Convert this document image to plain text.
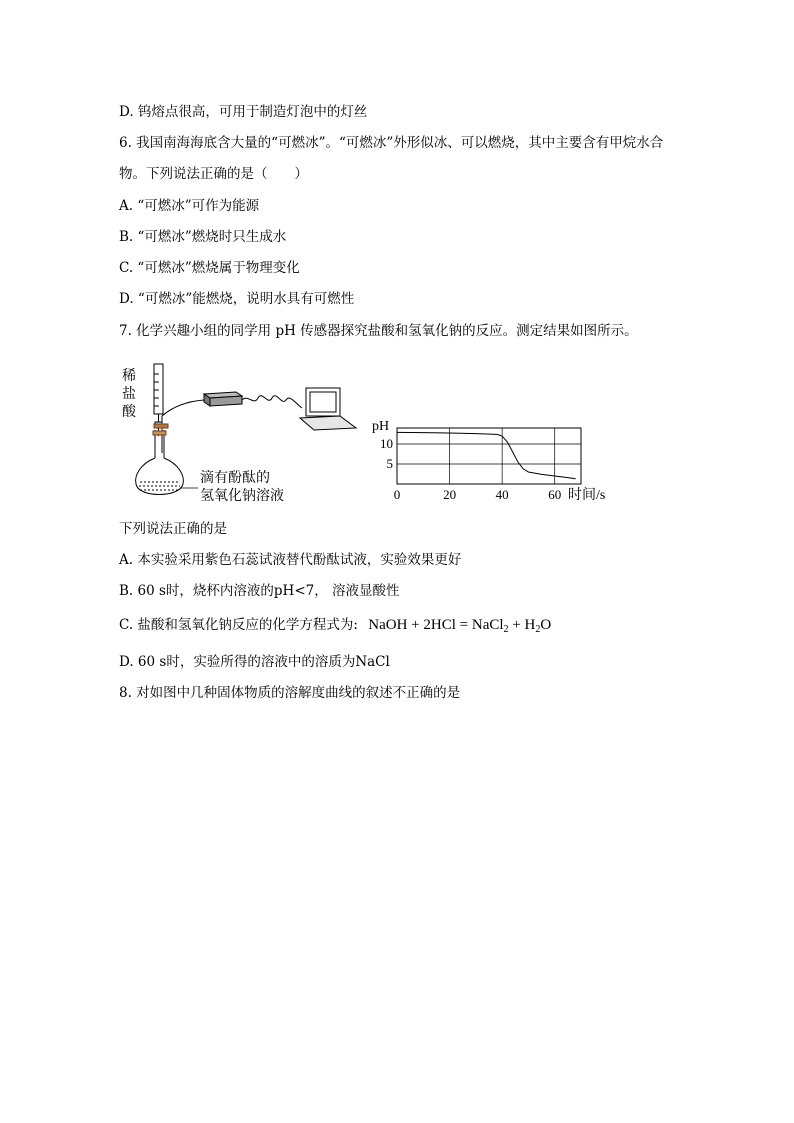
D. 钨熔点很高，可用于制造灯泡中的灯丝
6. 我国南海海底含大量的“可燃冰”。“可燃冰”外形似冰、可以燃烧，其中主要含有甲烷水合
物。下列说法正确的是（　　）
A. “可燃冰”可作为能源
B. “可燃冰”燃烧时只生成水
C. “可燃冰”燃烧属于物理变化
D. “可燃冰”能燃烧，说明水具有可燃性
7. 化学兴趣小组的同学用 pH 传感器探究盐酸和氢氧化钠的反应。测定结果如图所示。
稀
盐
酸
滴有酚酞的
氢氧化钠溶液
pH
时间/s
5
10
0	20	40	60
下列说法正确的是
A. 本实验采用紫色石蕊试液替代酚酞试液，实验效果更好
B. 60 s时，烧杯内溶液的pH<7， 溶液显酸性
C. 盐酸和氢氧化钠反应的化学方程式为: NaOH + 2HCl = NaCl$_2$ + $H_2O$
D. 60 s时，实验所得的溶液中的溶质为NaCl
8. 对如图中几种固体物质的溶解度曲线的叙述不正确的是
